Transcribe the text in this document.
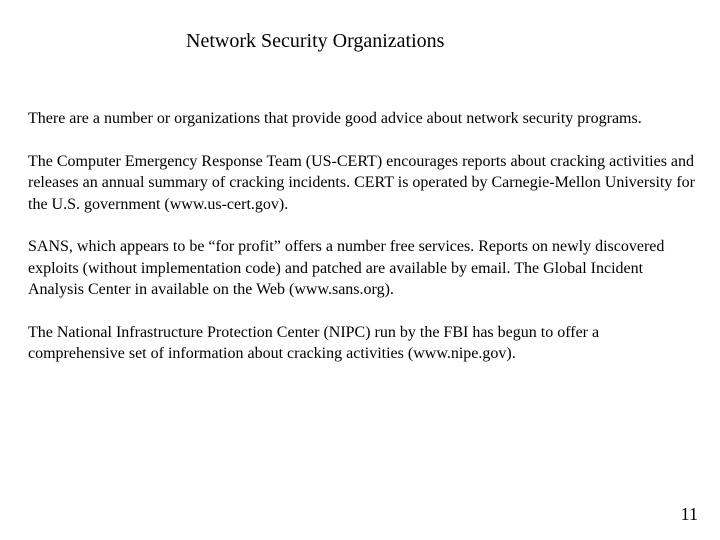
Network Security Organizations

There are a number or organizations that provide good advice about network security programs.

The Computer Emergency Response Team (US-CERT) encourages reports about cracking activities and releases an annual summary of cracking incidents. CERT is operated by Carnegie-Mellon University for the U.S. government (www.us-cert.gov).

SANS, which appears to be “for profit” offers a number free services. Reports on newly discovered exploits (without implementation code) and patched are available by email. The Global Incident Analysis Center in available on the Web (www.sans.org).

The National Infrastructure Protection Center (NIPC) run by the FBI has begun to offer a comprehensive set of information about cracking activities (www.nipe.gov).

11
